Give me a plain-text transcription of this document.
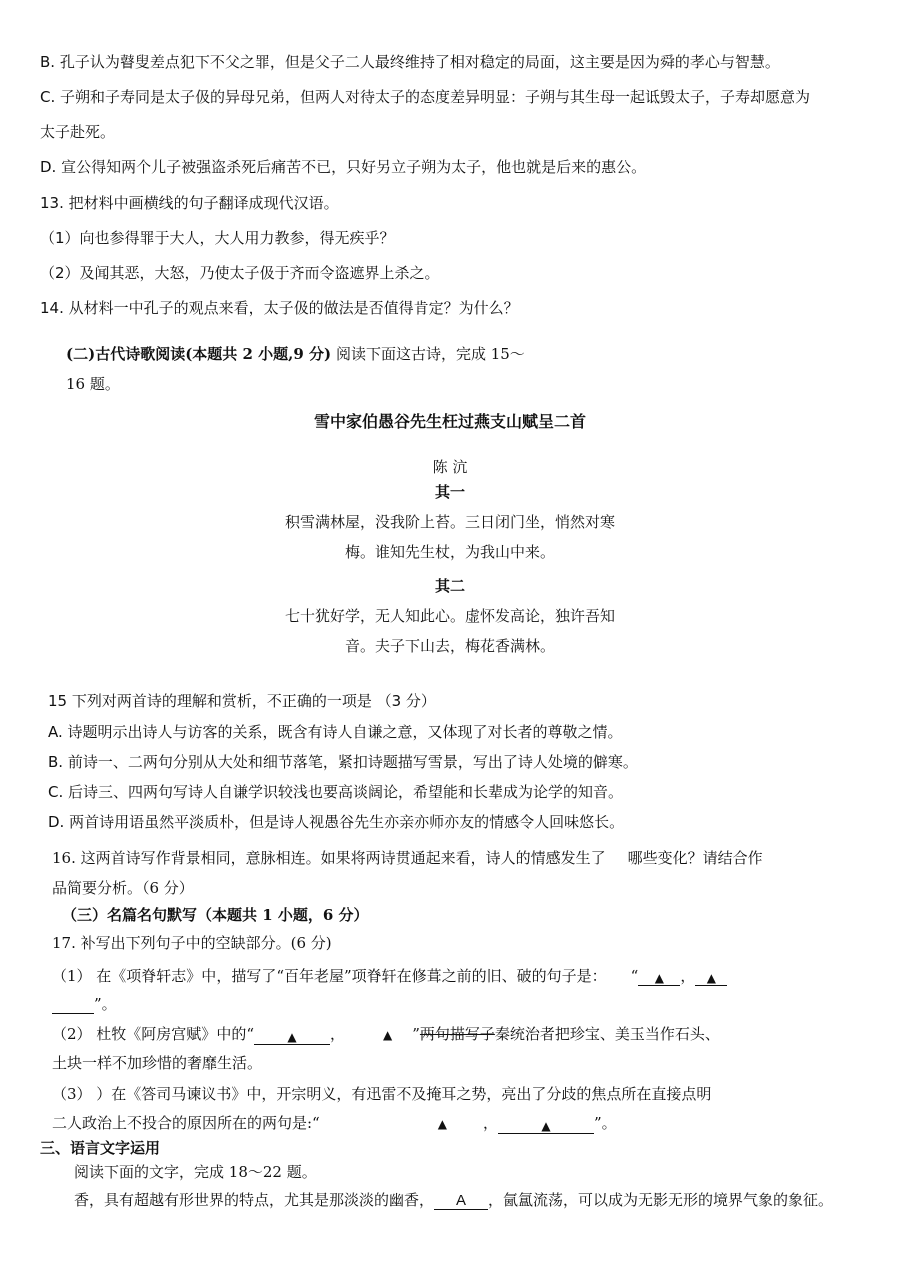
B. 孔子认为瞽叟差点犯下不父之罪，但是父子二人最终维持了相对稳定的局面，这主要是因为舜的孝心与智慧。
C. 子朔和子寿同是太子伋的异母兄弟，但两人对待太子的态度差异明显：子朔与其生母一起诋毁太子，子寿却愿意为
太子赴死。
D. 宣公得知两个儿子被强盗杀死后痛苦不已，只好另立子朔为太子，他也就是后来的惠公。
13. 把材料中画横线的句子翻译成现代汉语。
（1）向也参得罪于大人，大人用力教参，得无疾乎？
（2）及闻其恶，大怒，乃使太子伋于齐而令盗遮界上杀之。
14. 从材料一中孔子的观点来看，太子伋的做法是否值得肯定？为什么？
(二)古代诗歌阅读(本题共 2 小题,9 分) 阅读下面这古诗，完成 15～
16 题。
雪中家伯愚谷先生枉过燕支山赋呈二首
陈 沆
其一
积雪满林屋，没我阶上苔。三日闭门坐，悄然对寒
梅。谁知先生杖，为我山中来。
其二
七十犹好学，无人知此心。虚怀发高论，独许吾知
音。夫子下山去，梅花香满林。
15 下列对两首诗的理解和赏析，不正确的一项是 （3 分）
A. 诗题明示出诗人与访客的关系，既含有诗人自谦之意，又体现了对长者的尊敬之情。
B. 前诗一、二两句分别从大处和细节落笔，紧扣诗题描写雪景，写出了诗人处境的僻寒。
C. 后诗三、四两句写诗人自谦学识较浅也要高谈阔论，希望能和长辈成为论学的知音。
D. 两首诗用语虽然平淡质朴，但是诗人视愚谷先生亦亲亦师亦友的情感令人回味悠长。
16. 这两首诗写作背景相同，意脉相连。如果将两诗贯通起来看，诗人的情感发生了 哪些变化？请结合作
品简要分析。（6 分）
（三）名篇名句默写（本题共 1 小题，6 分）
17. 补写出下列句子中的空缺部分。(6 分)
（1） 在《项脊轩志》中，描写了“百年老屋”项脊轩在修葺之前的旧、破的句子是： “ ▲ ， ▲
”。
（2） 杜牧《阿房宫赋》中的“	▲ ，	▲ ”两句描写子秦统治者把珍宝、美玉当作石头、
土块一样不加珍惜的奢靡生活。
（3） ）在《答司马谏议书》中，开宗明义，有迅雷不及掩耳之势，亮出了分歧的焦点所在直接点明
二人政治上不投合的原因所在的两句是:“	▲ ，	▲	”。
三、语言文字运用
阅读下面的文字，完成 18～22 题。
香，具有超越有形世界的特点，尤其是那淡淡的幽香， A ，氤氲流荡，可以成为无影无形的境界气象的象征。
